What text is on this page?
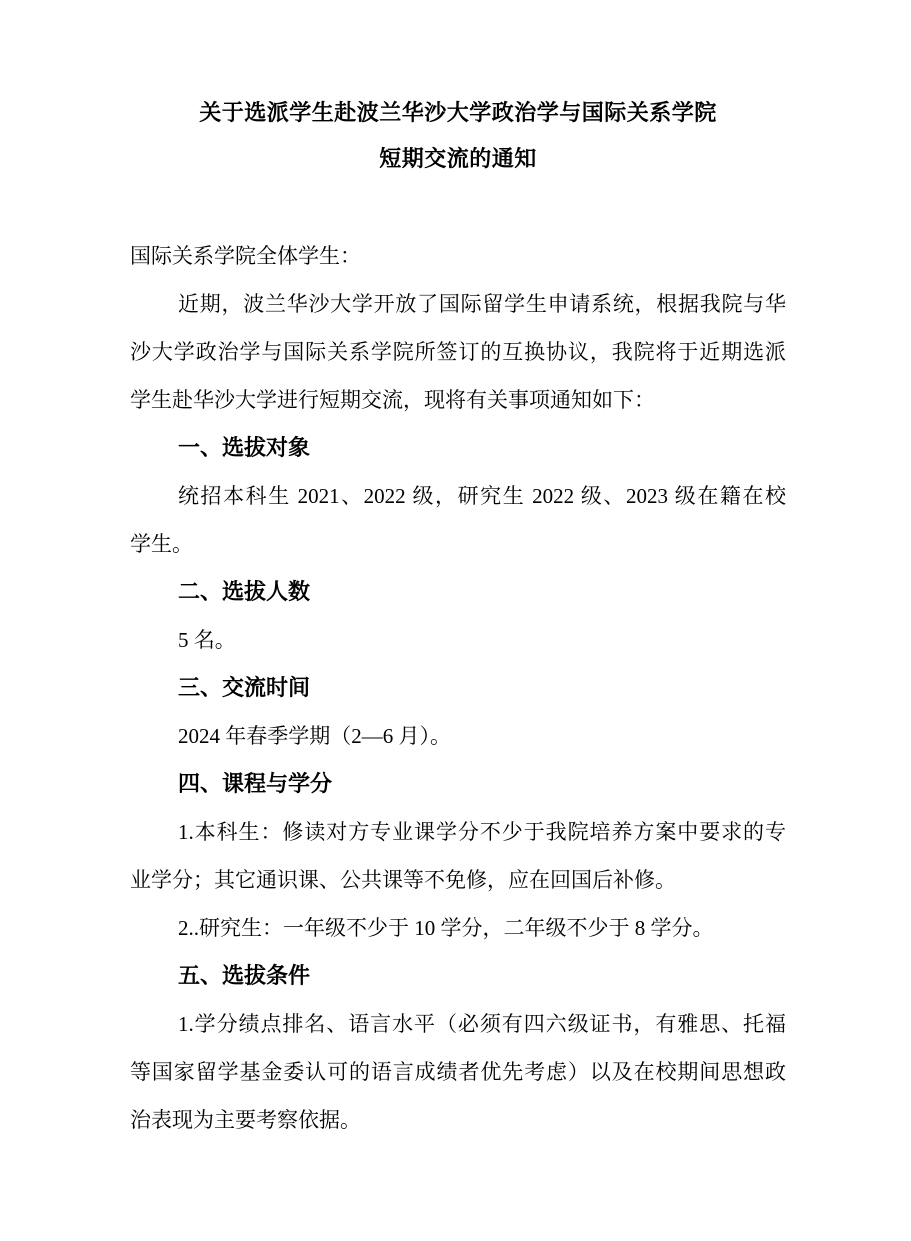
关于选派学生赴波兰华沙大学政治学与国际关系学院
短期交流的通知
国际关系学院全体学生：
近期，波兰华沙大学开放了国际留学生申请系统，根据我院与华
沙大学政治学与国际关系学院所签订的互换协议，我院将于近期选派
学生赴华沙大学进行短期交流，现将有关事项通知如下：
一、选拔对象
统招本科生 2021、2022 级，研究生 2022 级、2023 级在籍在校
学生。
二、选拔人数
5 名。
三、交流时间
2024 年春季学期（2—6 月）。
四、课程与学分
1.本科生：修读对方专业课学分不少于我院培养方案中要求的专
业学分；其它通识课、公共课等不免修，应在回国后补修。
2..研究生：一年级不少于 10 学分，二年级不少于 8 学分。
五、选拔条件
1.学分绩点排名、语言水平（必须有四六级证书，有雅思、托福
等国家留学基金委认可的语言成绩者优先考虑）以及在校期间思想政
治表现为主要考察依据。
